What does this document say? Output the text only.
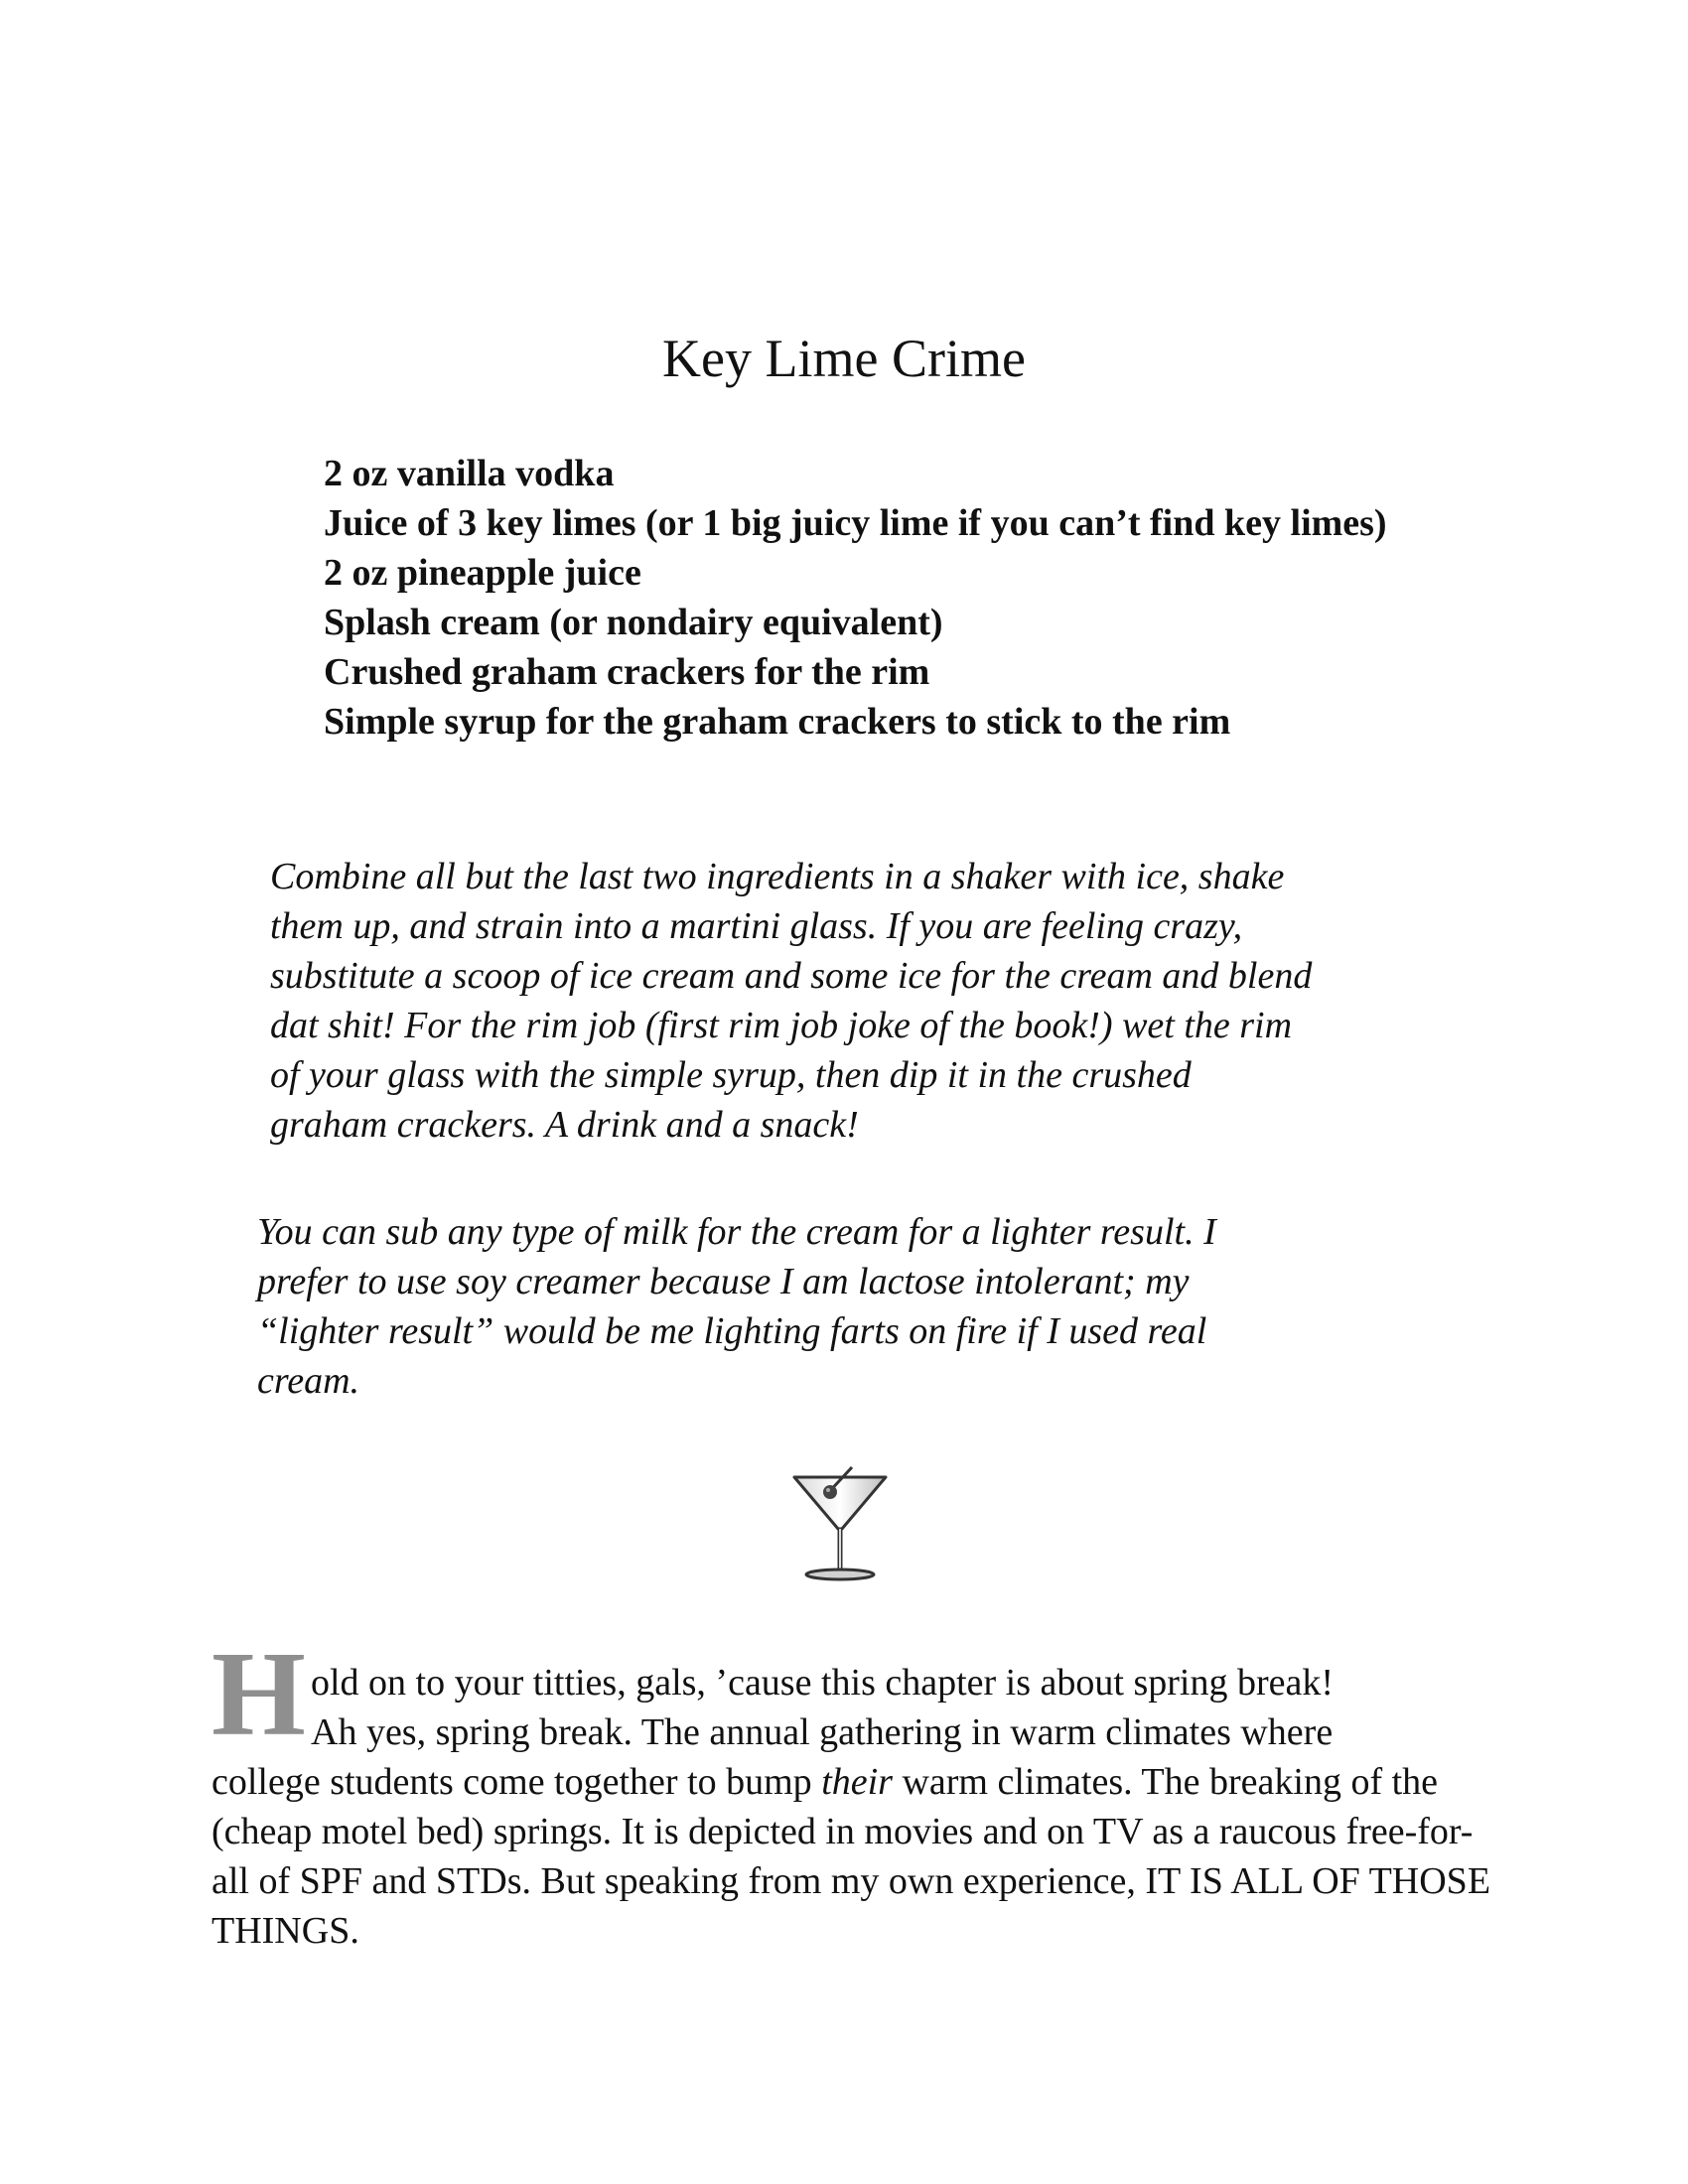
Key Lime Crime
2 oz vanilla vodka
Juice of 3 key limes (or 1 big juicy lime if you can’t find key limes)
2 oz pineapple juice
Splash cream (or nondairy equivalent)
Crushed graham crackers for the rim
Simple syrup for the graham crackers to stick to the rim

Combine all but the last two ingredients in a shaker with ice, shake
them up, and strain into a martini glass. If you are feeling crazy,
substitute a scoop of ice cream and some ice for the cream and blend
dat shit! For the rim job (first rim job joke of the book!) wet the rim
of your glass with the simple syrup, then dip it in the crushed
graham crackers. A drink and a snack!

You can sub any type of milk for the cream for a lighter result. I
prefer to use soy creamer because I am lactose intolerant; my
“lighter result” would be me lighting farts on fire if I used real
cream.

H old on to your titties, gals, ’cause this chapter is about spring break!
Ah yes, spring break. The annual gathering in warm climates where
college students come together to bump their warm climates. The breaking of the (cheap motel bed) springs. It is depicted in movies and on TV as a raucous free-for-all of SPF and STDs. But speaking from my own experience, IT IS ALL OF THOSE THINGS.
